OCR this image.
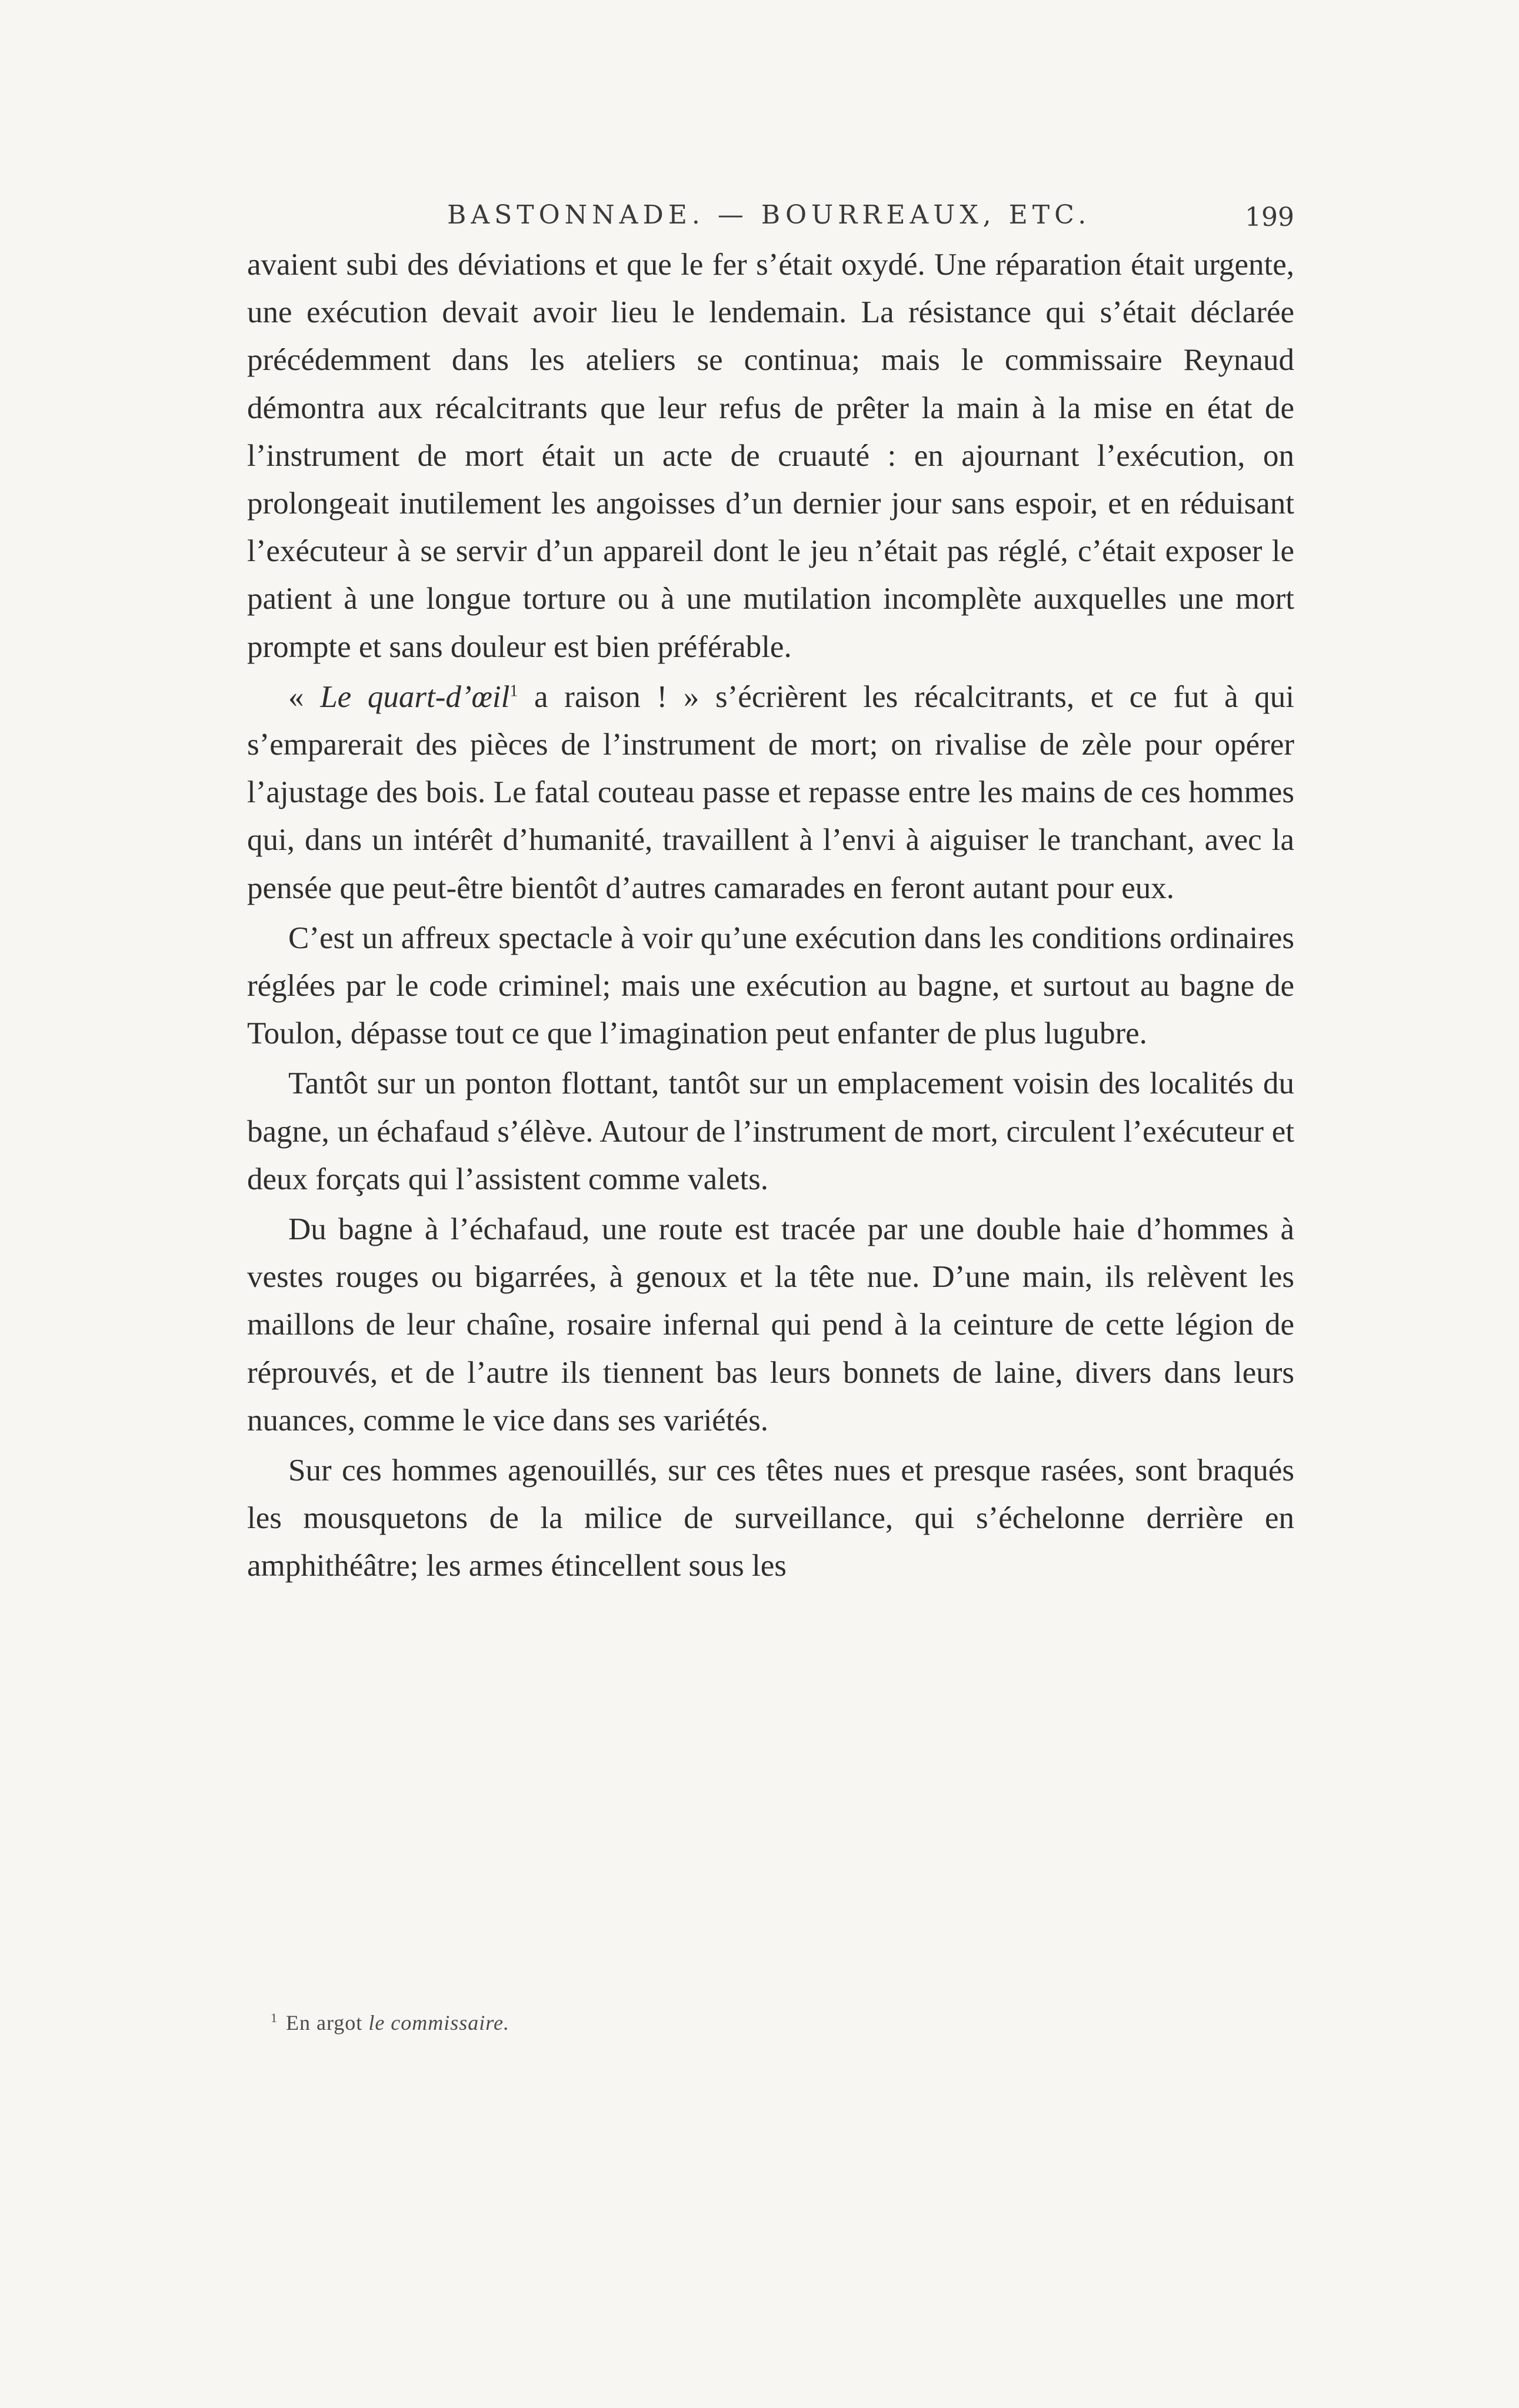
BASTONNADE. — BOURREAUX, ETC.	199

avaient subi des déviations et que le fer s’était oxydé. Une réparation était urgente, une exécution devait avoir lieu le lendemain. La résistance qui s’était déclarée précédemment dans les ateliers se continua; mais le commissaire Reynaud démontra aux récalcitrants que leur refus de prêter la main à la mise en état de l’instrument de mort était un acte de cruauté : en ajournant l’exécution, on prolongeait inutilement les angoisses d’un dernier jour sans espoir, et en réduisant l’exécuteur à se servir d’un appareil dont le jeu n’était pas réglé, c’était exposer le patient à une longue torture ou à une mutilation incomplète auxquelles une mort prompte et sans douleur est bien préférable.

« Le quart-d’œil$^1$ a raison ! » s’écrièrent les récalcitrants, et ce fut à qui s’emparerait des pièces de l’instrument de mort; on rivalise de zèle pour opérer l’ajustage des bois. Le fatal couteau passe et repasse entre les mains de ces hommes qui, dans un intérêt d’humanité, travaillent à l’envi à aiguiser le tranchant, avec la pensée que peut-être bientôt d’autres camarades en feront autant pour eux.

C’est un affreux spectacle à voir qu’une exécution dans les conditions ordinaires réglées par le code criminel; mais une exécution au bagne, et surtout au bagne de Toulon, dépasse tout ce que l’imagination peut enfanter de plus lugubre.

Tantôt sur un ponton flottant, tantôt sur un emplacement voisin des localités du bagne, un échafaud s’élève. Autour de l’instrument de mort, circulent l’exécuteur et deux forçats qui l’assistent comme valets.

Du bagne à l’échafaud, une route est tracée par une double haie d’hommes à vestes rouges ou bigarrées, à genoux et la tête nue. D’une main, ils relèvent les maillons de leur chaîne, rosaire infernal qui pend à la ceinture de cette légion de réprouvés, et de l’autre ils tiennent bas leurs bonnets de laine, divers dans leurs nuances, comme le vice dans ses variétés.

Sur ces hommes agenouillés, sur ces têtes nues et presque rasées, sont braqués les mousquetons de la milice de surveillance, qui s’échelonne derrière en amphithéâtre; les armes étincellent sous les

$^1$ En argot le commissaire.
